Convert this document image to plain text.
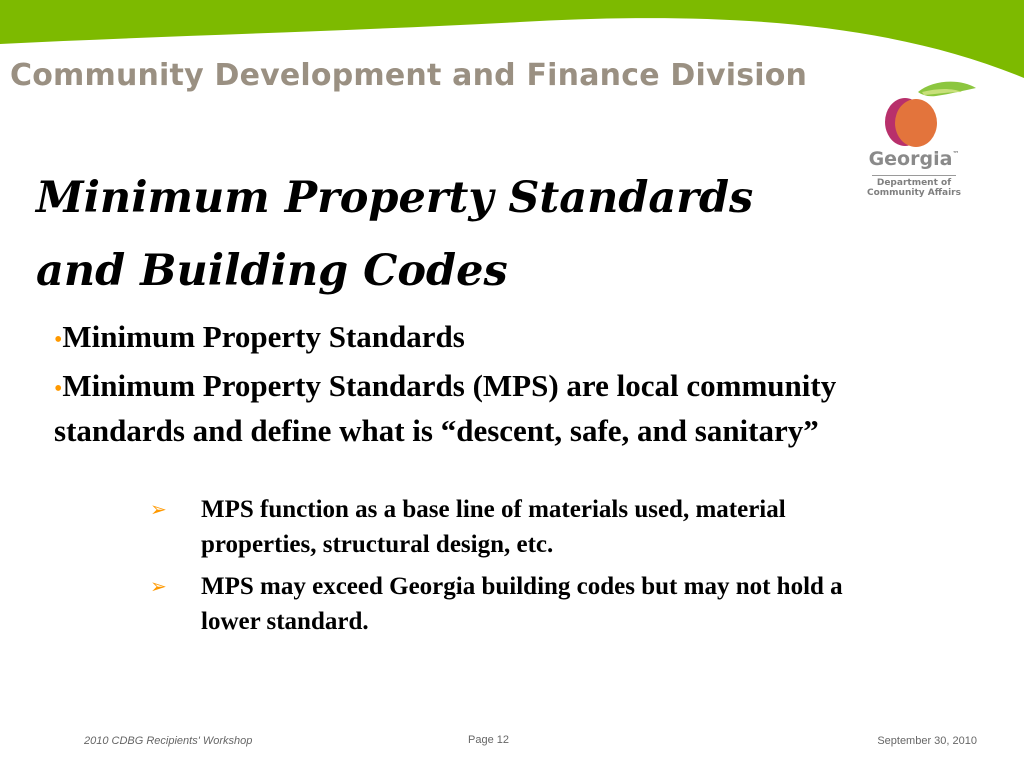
Community Development and Finance Division
Georgia™
Department of
Community Affairs
Minimum Property Standards
and Building Codes
•Minimum Property Standards
•Minimum Property Standards (MPS) are local community standards and define what is “descent, safe, and sanitary”
➢ MPS function as a base line of materials used, material properties, structural design, etc.
➢ MPS may exceed Georgia building codes but may not hold a lower standard.
2010 CDBG Recipients' Workshop	Page 12	September 30, 2010
